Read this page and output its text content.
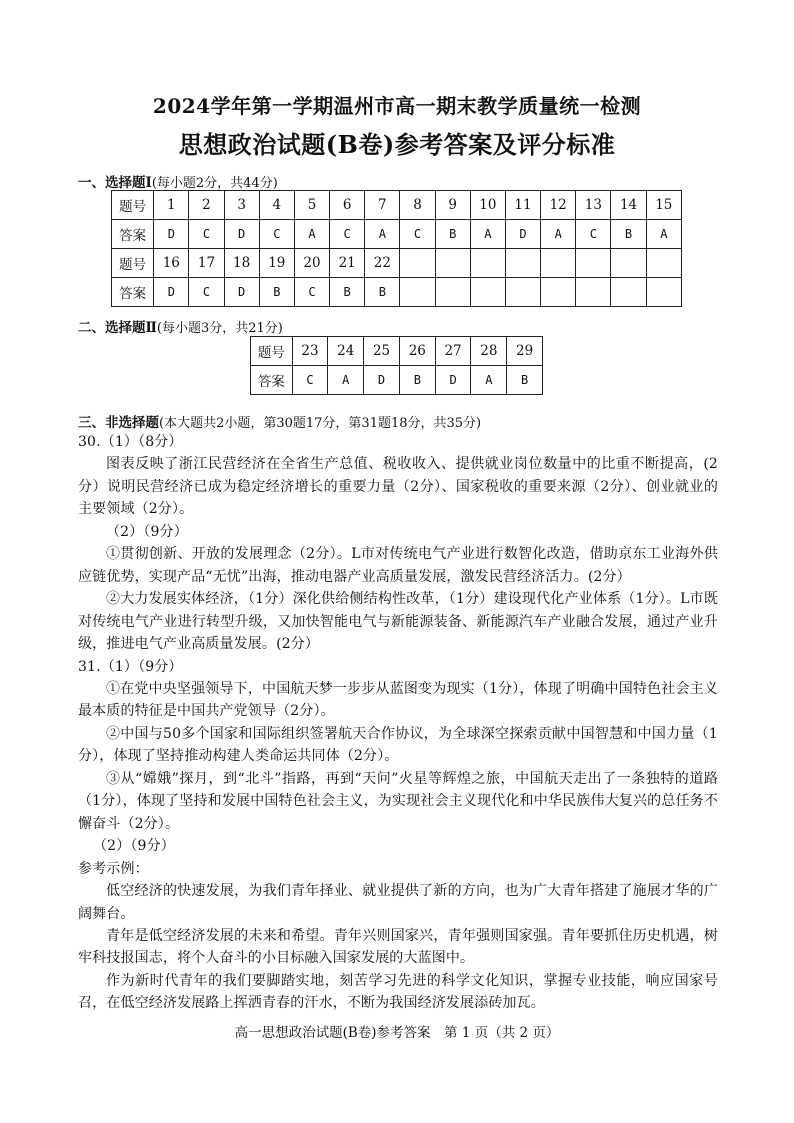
2024学年第一学期温州市高一期末教学质量统一检测
思想政治试题(B卷)参考答案及评分标准
一、选择题Ⅰ(每小题2分，共44分)
题号	1	2	3	4	5	6	7	8	9	10	11	12	13	14	15
答案	D	C	D	C	A	C	A	C	B	A	D	A	C	B	A
题号	16	17	18	19	20	21	22								
答案	D	C	D	B	C	B	B								
二、选择题Ⅱ(每小题3分，共21分)
题号	23	24	25	26	27	28	29
答案	C	A	D	B	D	A	B
三、非选择题(本大题共2小题，第30题17分，第31题18分，共35分)

30.（1）（8分）

图表反映了浙江民营经济在全省生产总值、税收收入、提供就业岗位数量中的比重不断提高，(2分）说明民营经济已成为稳定经济增长的重要力量（2分）、国家税收的重要来源（2分）、创业就业的主要领域（2分）。

（2）（9分）

①贯彻创新、开放的发展理念（2分）。L市对传统电气产业进行数智化改造，借助京东工业海外供应链优势，实现产品“无忧”出海，推动电器产业高质量发展，激发民营经济活力。(2分）

②大力发展实体经济，（1分）深化供给侧结构性改革，（1分）建设现代化产业体系（1分）。L市既对传统电气产业进行转型升级，又加快智能电气与新能源装备、新能源汽车产业融合发展，通过产业升级，推进电气产业高质量发展。(2分）

31.（1）（9分）

①在党中央坚强领导下，中国航天梦一步步从蓝图变为现实（1分），体现了明确中国特色社会主义最本质的特征是中国共产党领导（2分）。

②中国与50多个国家和国际组织签署航天合作协议，为全球深空探索贡献中国智慧和中国力量（1分），体现了坚持推动构建人类命运共同体（2分）。

③从“嫦娥”探月，到“北斗”指路，再到“天问”火星等辉煌之旅，中国航天走出了一条独特的道路（1分），体现了坚持和发展中国特色社会主义，为实现社会主义现代化和中华民族伟大复兴的总任务不懈奋斗（2分）。

（2）（9分）

参考示例：

低空经济的快速发展，为我们青年择业、就业提供了新的方向，也为广大青年搭建了施展才华的广阔舞台。

青年是低空经济发展的未来和希望。青年兴则国家兴，青年强则国家强。青年要抓住历史机遇，树牢科技报国志，将个人奋斗的小目标融入国家发展的大蓝图中。

作为新时代青年的我们要脚踏实地，刻苦学习先进的科学文化知识，掌握专业技能，响应国家号召，在低空经济发展路上挥洒青春的汗水，不断为我国经济发展添砖加瓦。

高一思想政治试题(B卷)参考答案　第 1 页（共 2 页）
